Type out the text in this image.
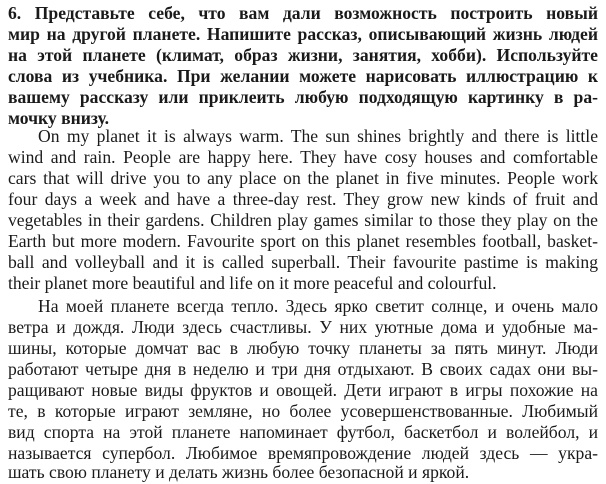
6. Представьте себе, что вам дали возможность построить новый
мир на другой планете. Напишите рассказ, описывающий жизнь людей
на этой планете (климат, образ жизни, занятия, хобби). Используйте
слова из учебника. При желании можете нарисовать иллюстрацию к
вашему рассказу или приклеить любую подходящую картинку в ра-
мочку внизу.
On my planet it is always warm. The sun shines brightly and there is little
wind and rain. People are happy here. They have cosy houses and comfortable
cars that will drive you to any place on the planet in five minutes. People work
four days a week and have a three-day rest. They grow new kinds of fruit and
vegetables in their gardens. Children play games similar to those they play on the
Earth but more modern. Favourite sport on this planet resembles football, basket-
ball and volleyball and it is called superball. Their favourite pastime is making
their planet more beautiful and life on it more peaceful and colourful.
На моей планете всегда тепло. Здесь ярко светит солнце, и очень мало
ветра и дождя. Люди здесь счастливы. У них уютные дома и удобные ма-
шины, которые домчат вас в любую точку планеты за пять минут. Люди
работают четыре дня в неделю и три дня отдыхают. В своих садах они вы-
ращивают новые виды фруктов и овощей. Дети играют в игры похожие на
те, в которые играют земляне, но более усовершенствованные. Любимый
вид спорта на этой планете напоминает футбол, баскетбол и волейбол, и
называется супербол. Любимое времяпровождение людей здесь — укра-
шать свою планету и делать жизнь более безопасной и яркой.
